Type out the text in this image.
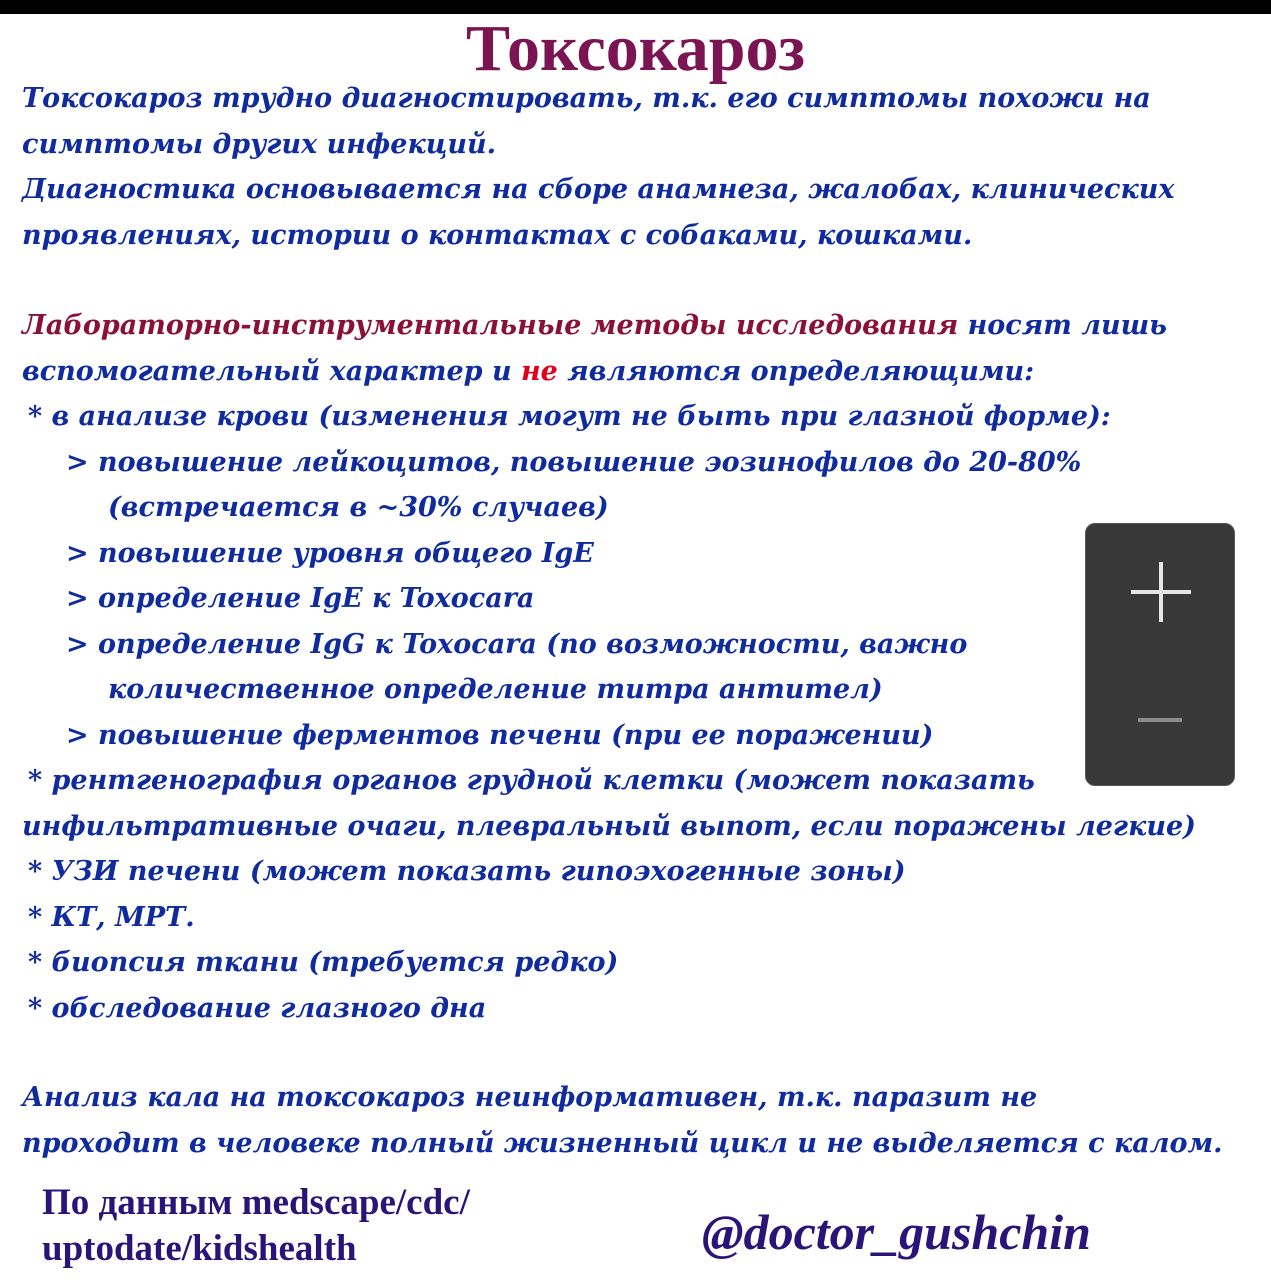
Токсокароз

Токсокароз трудно диагностировать, т.к. его симптомы похожи на

симптомы других инфекций.

Диагностика основывается на сборе анамнеза, жалобах, клинических

проявлениях, истории о контактах с собаками, кошками.

Лабораторно-инструментальные методы исследования носят лишь

вспомогательный характер и не являются определяющими:

* в анализе крови (изменения могут не быть при глазной форме):

> повышение лейкоцитов, повышение эозинофилов до 20-80%

(встречается в ~30% случаев)

> повышение уровня общего IgE

> определение IgE к Toxocara

> определение IgG к Toxocara (по возможности, важно

количественное определение титра антител)

> повышение ферментов печени (при ее поражении)

* рентгенография органов грудной клетки (может показать

инфильтративные очаги, плевральный выпот, если поражены легкие)

* УЗИ печени (может показать гипоэхогенные зоны)

* КТ, МРТ.

* биопсия ткани (требуется редко)

* обследование глазного дна

Анализ кала на токсокароз неинформативен, т.к. паразит не

проходит в человеке полный жизненный цикл и не выделяется с калом.

По данным medscape/cdc/
uptodate/kidshealth	@doctor_gushchin
